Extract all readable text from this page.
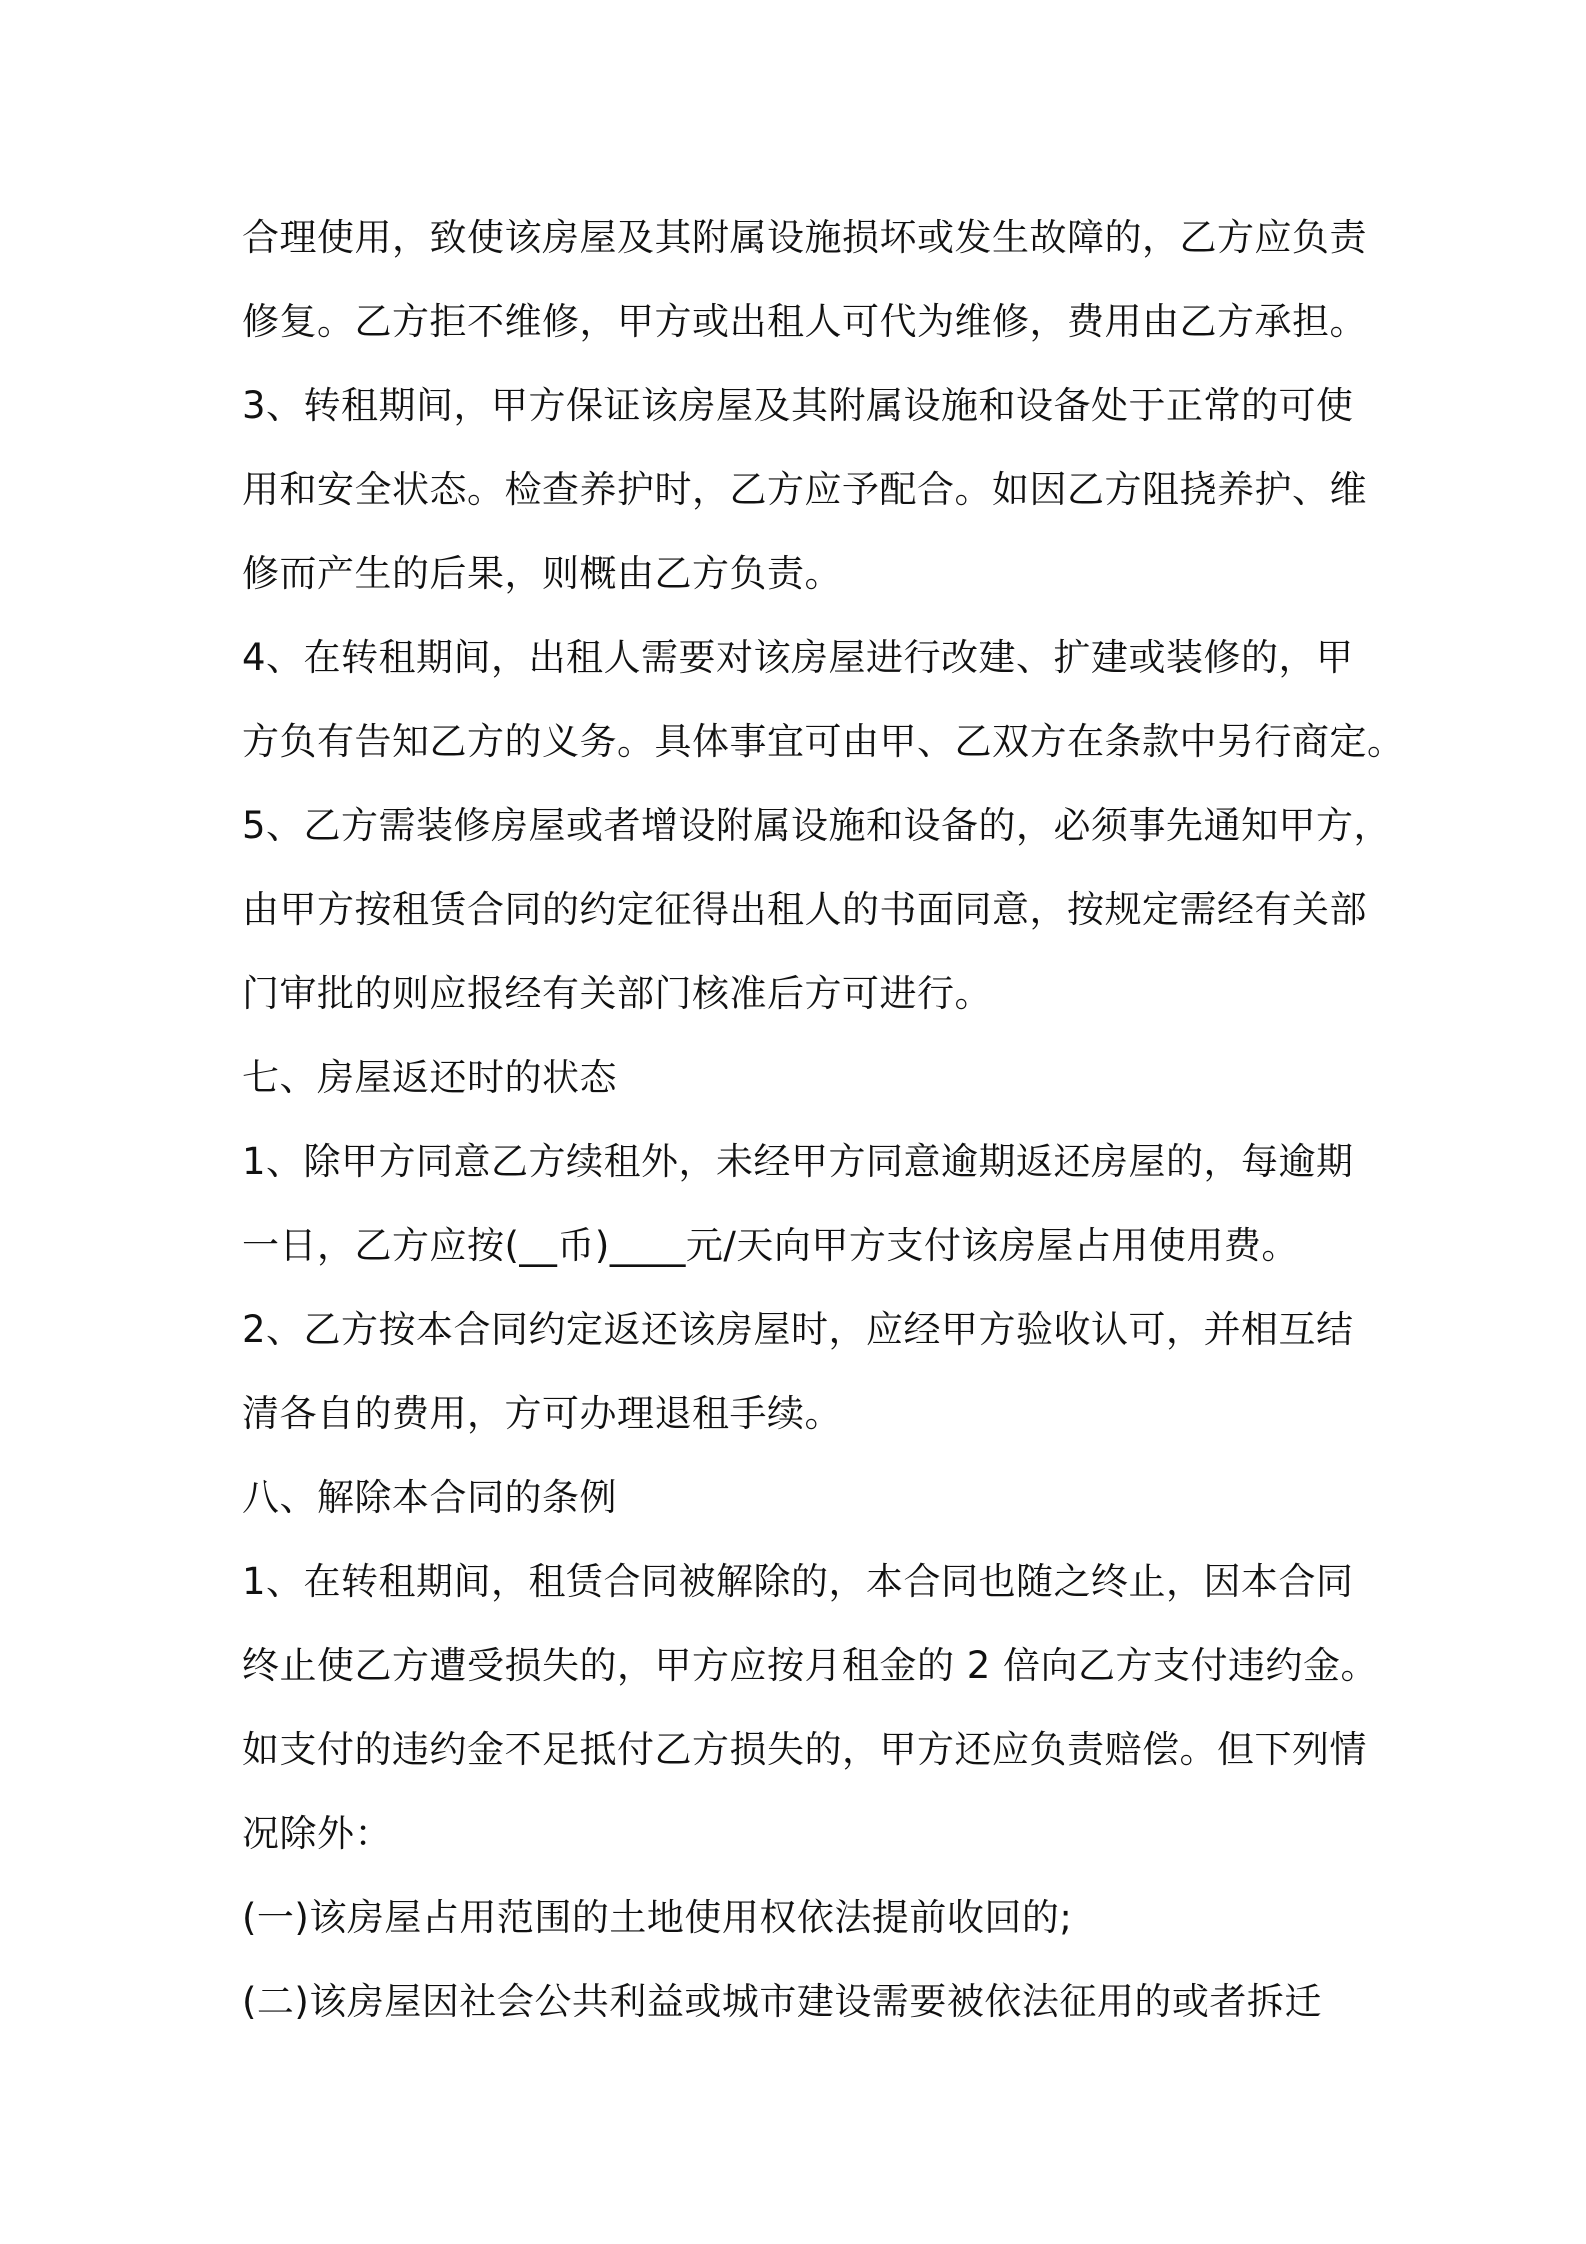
合理使用，致使该房屋及其附属设施损坏或发生故障的，乙方应负责
修复。乙方拒不维修，甲方或出租人可代为维修，费用由乙方承担。
3、转租期间，甲方保证该房屋及其附属设施和设备处于正常的可使
用和安全状态。检查养护时，乙方应予配合。如因乙方阻挠养护、维
修而产生的后果，则概由乙方负责。
4、在转租期间，出租人需要对该房屋进行改建、扩建或装修的，甲
方负有告知乙方的义务。具体事宜可由甲、乙双方在条款中另行商定。
5、乙方需装修房屋或者增设附属设施和设备的，必须事先通知甲方，
由甲方按租赁合同的约定征得出租人的书面同意，按规定需经有关部
门审批的则应报经有关部门核准后方可进行。
七、房屋返还时的状态
1、除甲方同意乙方续租外，未经甲方同意逾期返还房屋的，每逾期
一日，乙方应按(__币)____元/天向甲方支付该房屋占用使用费。
2、乙方按本合同约定返还该房屋时，应经甲方验收认可，并相互结
清各自的费用，方可办理退租手续。
八、解除本合同的条例
1、在转租期间，租赁合同被解除的，本合同也随之终止，因本合同
终止使乙方遭受损失的，甲方应按月租金的 2 倍向乙方支付违约金。
如支付的违约金不足抵付乙方损失的，甲方还应负责赔偿。但下列情
况除外：
(一)该房屋占用范围的土地使用权依法提前收回的;
(二)该房屋因社会公共利益或城市建设需要被依法征用的或者拆迁
